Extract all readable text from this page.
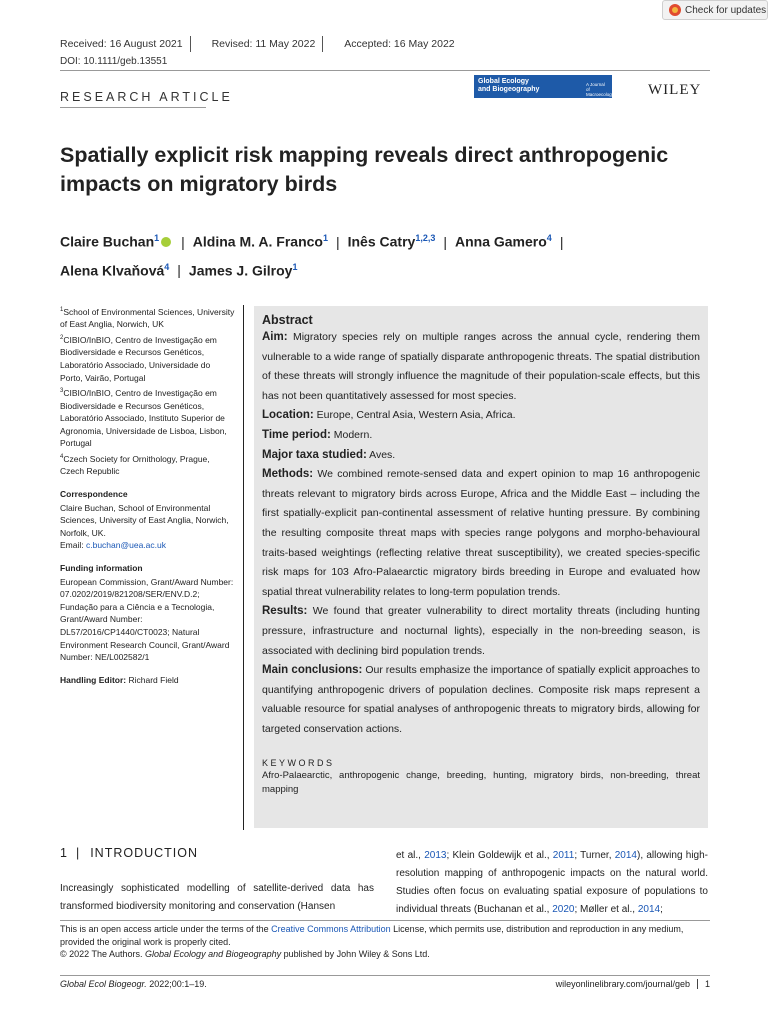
Check for updates
Received: 16 August 2021	Revised: 11 May 2022	Accepted: 16 May 2022
DOI: 10.1111/geb.13551
RESEARCH ARTICLE
Global Ecology
and Biogeography
A Journal of Macroecology WILEY
Spatially explicit risk mapping reveals direct anthropogenic impacts on migratory birds
Claire Buchan$^1$ | Aldina M. A. Franco$^1$ | Inês Catry$^{1,2,3}$ | Anna Gamero$^4$ |
Alena Klvaňová$^4$ | James J. Gilroy$^1$

$^1$School of Environmental Sciences, University of East Anglia, Norwich, UK

$^2$CIBIO/InBIO, Centro de Investigação em Biodiversidade e Recursos Genéticos, Laboratório Associado, Universidade do Porto, Vairão, Portugal

$^3$CIBIO/InBIO, Centro de Investigação em Biodiversidade e Recursos Genéticos, Laboratório Associado, Instituto Superior de Agronomia, Universidade de Lisboa, Lisbon, Portugal

$^4$Czech Society for Ornithology, Prague, Czech Republic

Correspondence

Claire Buchan, School of Environmental Sciences, University of East Anglia, Norwich, Norfolk, UK.
Email: c.buchan@uea.ac.uk

Funding information

European Commission, Grant/Award Number: 07.0202/2019/821208/SER/ENV.D.2; Fundação para a Ciência e a Tecnologia, Grant/Award Number: DL57/2016/CP1440/CT0023; Natural Environment Research Council, Grant/Award Number: NE/L002582/1

Handling Editor: Richard Field

Abstract

Aim: Migratory species rely on multiple ranges across the annual cycle, rendering them vulnerable to a wide range of spatially disparate anthropogenic threats. The spatial distribution of these threats will strongly influence the magnitude of their population-scale effects, but this has not been quantitatively assessed for most species.

Location: Europe, Central Asia, Western Asia, Africa.

Time period: Modern.

Major taxa studied: Aves.

Methods: We combined remote-sensed data and expert opinion to map 16 anthropogenic threats relevant to migratory birds across Europe, Africa and the Middle East – including the first spatially-explicit pan-continental assessment of relative hunting pressure. By combining the resulting composite threat maps with species range polygons and morpho-behavioural traits-based weightings (reflecting relative threat susceptibility), we created species-specific risk maps for 103 Afro-Palaearctic migratory birds breeding in Europe and evaluated how spatial threat vulnerability relates to long-term population trends.

Results: We found that greater vulnerability to direct mortality threats (including hunting pressure, infrastructure and nocturnal lights), especially in the non-breeding season, is associated with declining bird population trends.

Main conclusions: Our results emphasize the importance of spatially explicit approaches to quantifying anthropogenic drivers of population declines. Composite risk maps represent a valuable resource for spatial analyses of anthropogenic threats to migratory birds, allowing for targeted conservation actions.

KEYWORDS

Afro-Palaearctic, anthropogenic change, breeding, hunting, migratory birds, non-breeding, threat mapping

1 | INTRODUCTION
Increasingly sophisticated modelling of satellite-derived data has transformed biodiversity monitoring and conservation (Hansen
et al., 2013; Klein Goldewijk et al., 2011; Turner, 2014), allowing high-resolution mapping of anthropogenic impacts on the natural world. Studies often focus on evaluating spatial exposure of populations to individual threats (Buchanan et al., 2020; Møller et al., 2014;

This is an open access article under the terms of the Creative Commons Attribution License, which permits use, distribution and reproduction in any medium, provided the original work is properly cited.

© 2022 The Authors. Global Ecology and Biogeography published by John Wiley & Sons Ltd.

Global Ecol Biogeogr. 2022;00:1–19.	wileyonlinelibrary.com/journal/geb 1
